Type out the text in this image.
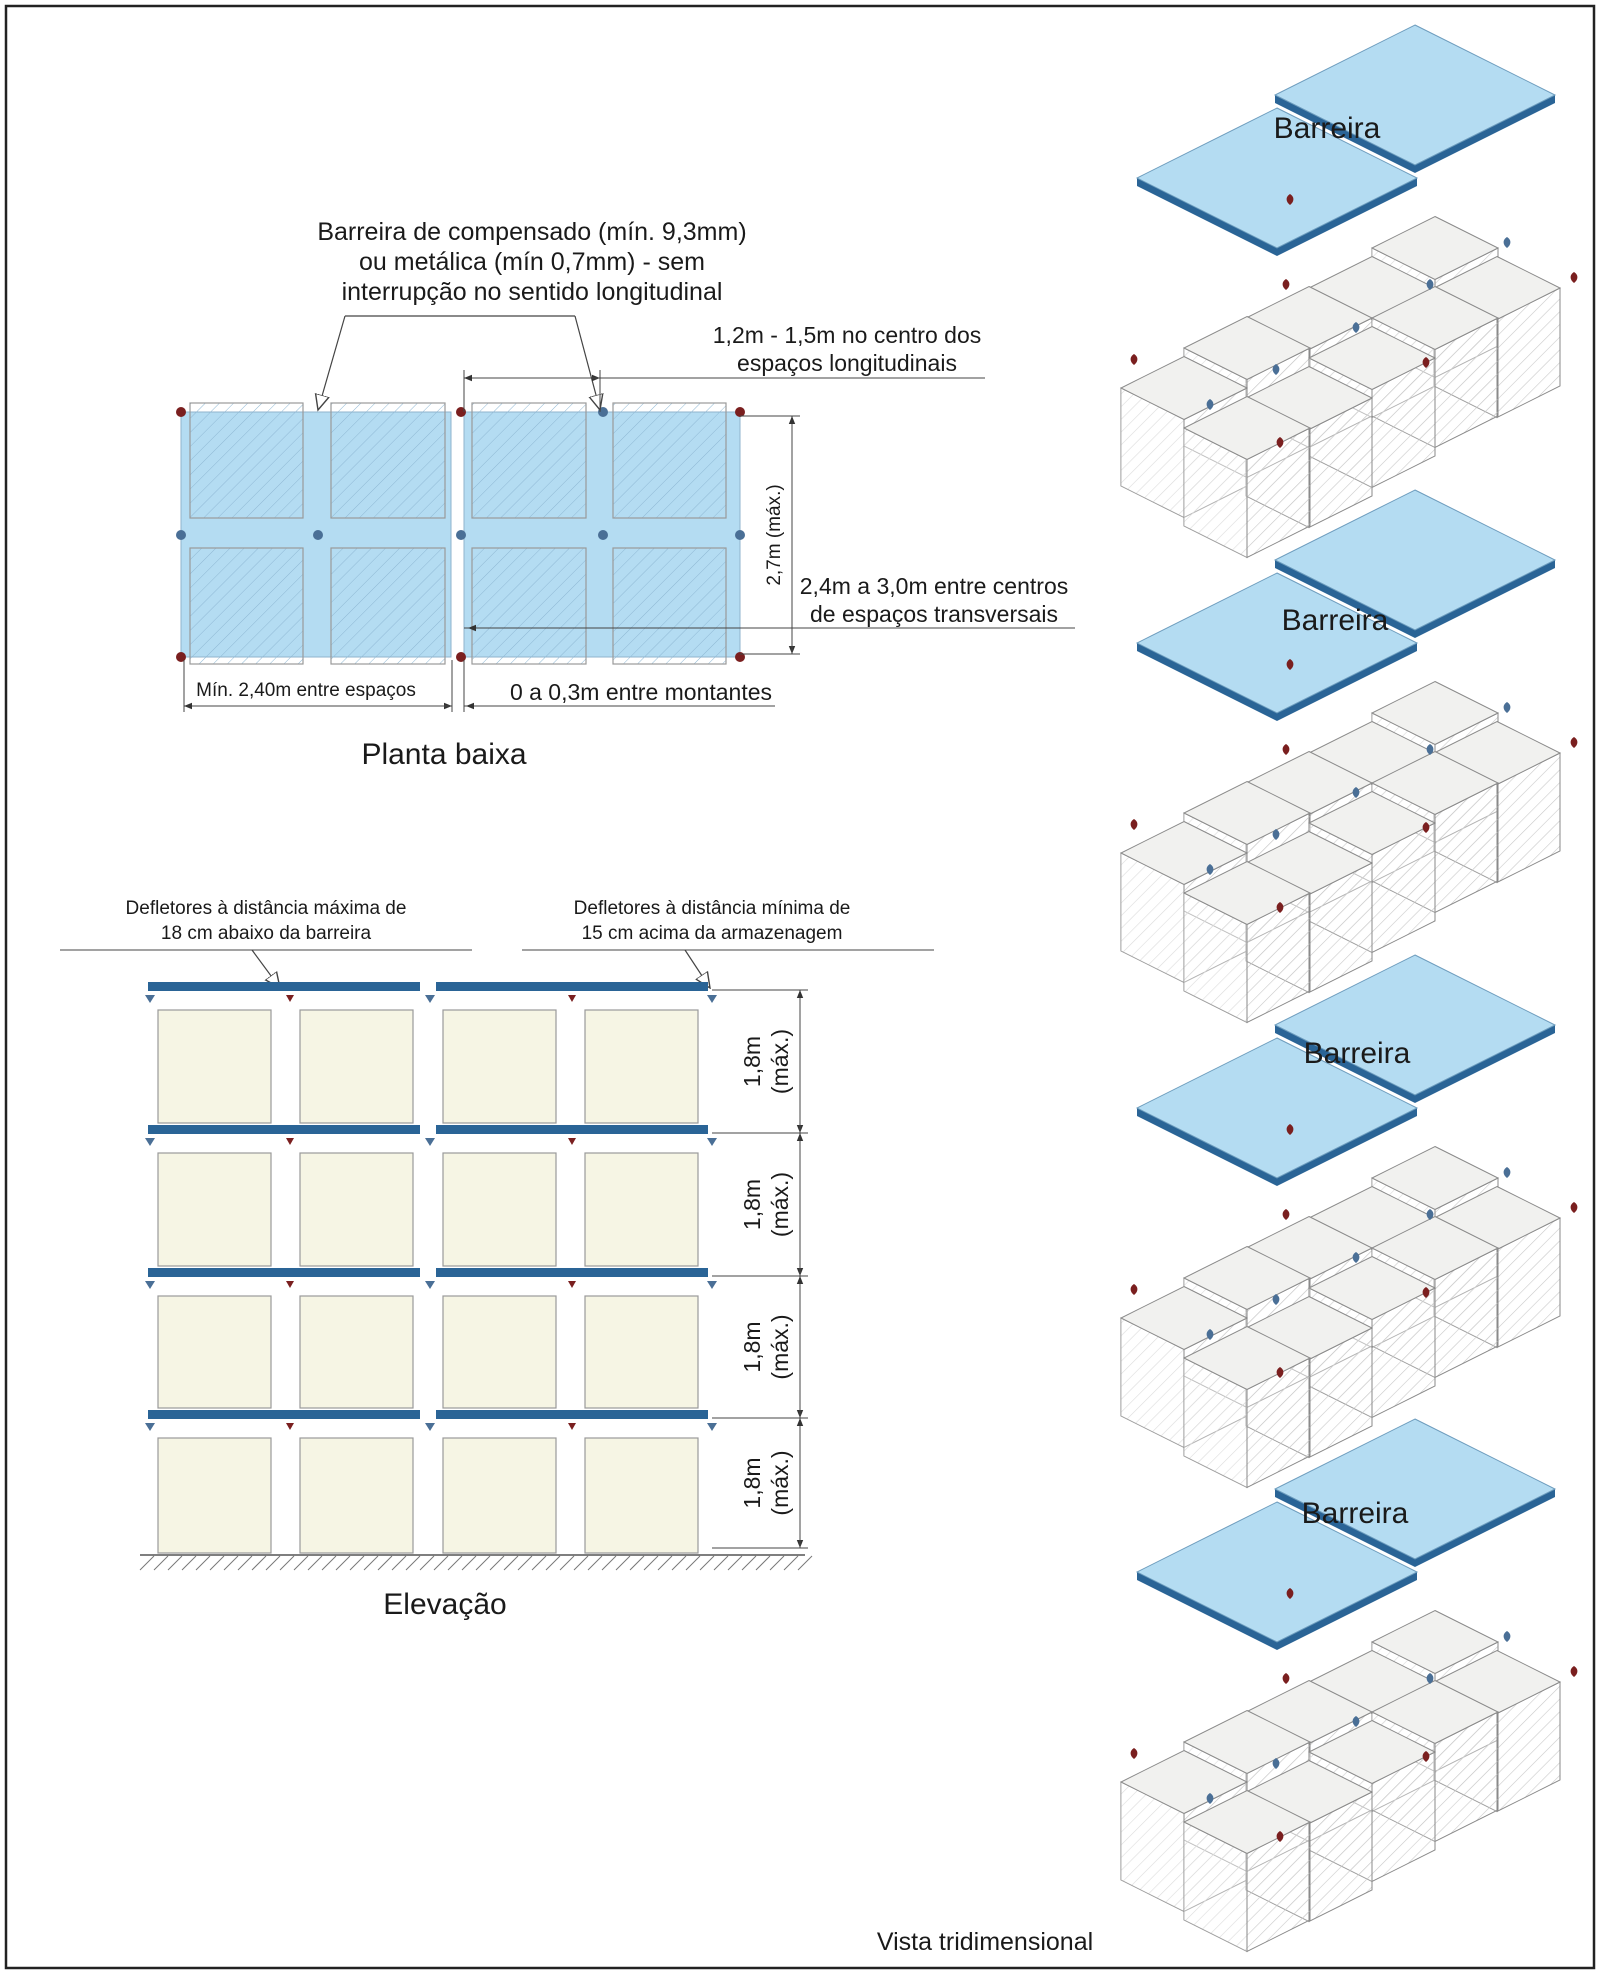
Barreira de compensado (mín. 9,3mm)
ou metálica (mín 0,7mm) - sem
interrupção no sentido longitudinal
1,2m - 1,5m no centro dos
espaços longitudinais
2,7m (máx.)
2,4m a 3,0m entre centros
de espaços transversais
Mín. 2,40m entre espaços	0 a 0,3m entre montantes
Planta baixa
Defletores à distância máxima de
18 cm abaixo da barreira
Defletores à distância mínima de
15 cm acima da armazenagem
1,8m (máx.)
1,8m (máx.)
1,8m (máx.)
1,8m (máx.)
Elevação
Barreira
Barreira
Barreira
Barreira
Vista tridimensional
